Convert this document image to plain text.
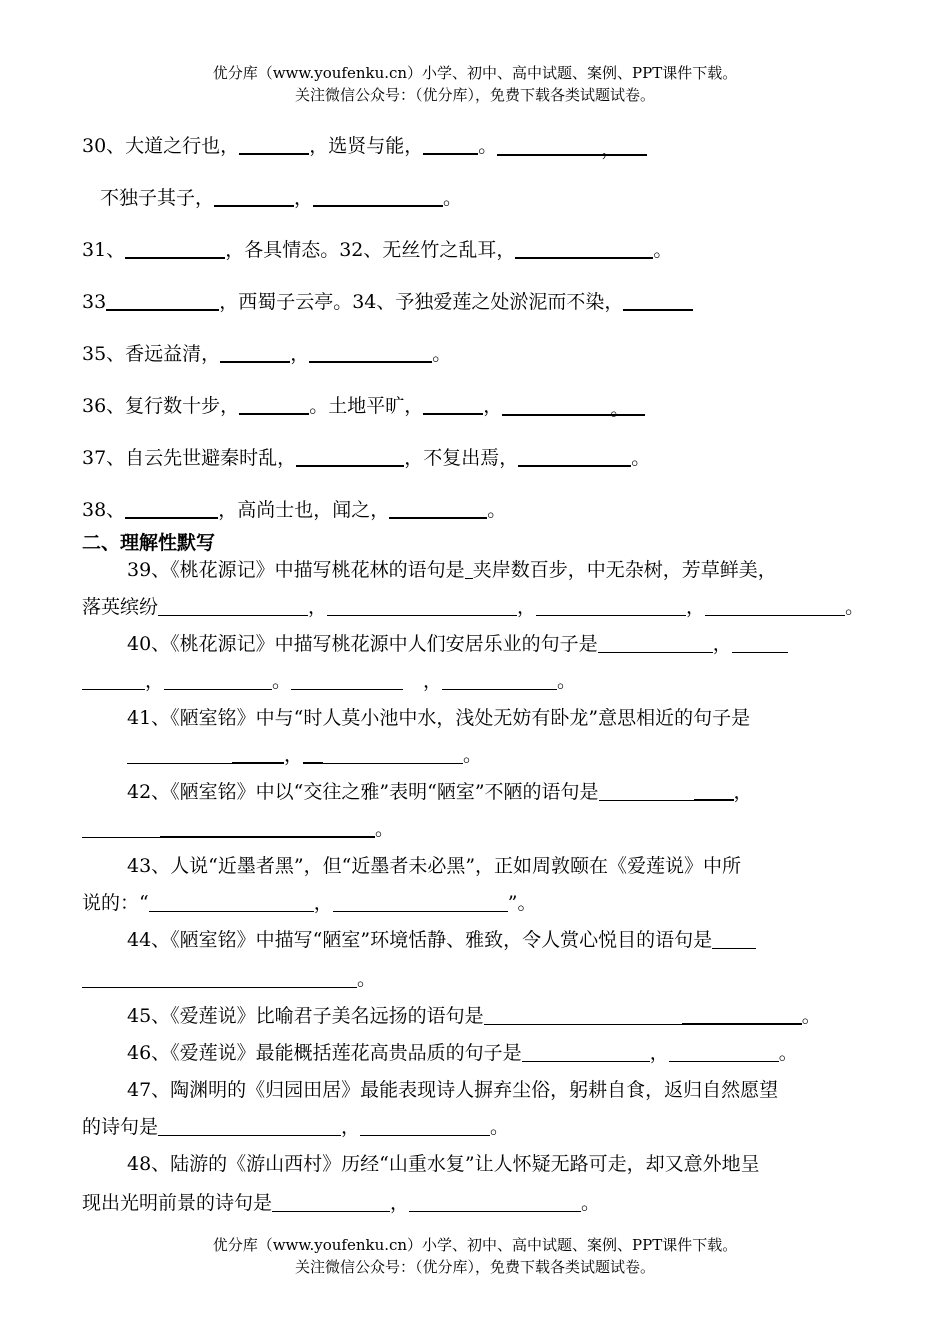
优分库（www.youfenku.cn）小学、初中、高中试题、案例、PPT课件下载。
关注微信公众号：（优分库），免费下载各类试题试卷。
30、大道之行也，	，选贤与能，	。	，
不独子其子，	，	。
31、	，各具情态。32、无丝竹之乱耳，	。
33	，西蜀子云亭。34、予独爱莲之处淤泥而不染，
35、香远益清，	，	。
36、复行数十步，	。土地平旷，	，	。
37、自云先世避秦时乱，	，不复出焉，	。
38、	，高尚士也，闻之，	。
二、理解性默写
39、《桃花源记》中描写桃花林的语句是 夹岸数百步，中无杂树，芳草鲜美，
落英缤纷	，	，	，	。
40、《桃花源记》中描写桃花源中人们安居乐业的句子是	，
，	。	，	。
41、《陋室铭》中与“时人莫小池中水，浅处无妨有卧龙”意思相近的句子是
，	。
42、《陋室铭》中以“交往之雅”表明“陋室”不陋的语句是	，
。
43、人说“近墨者黑”，但“近墨者未必黑”，正如周敦颐在《爱莲说》中所
说的：“	，	”。
44、《陋室铭》中描写“陋室”环境恬静、雅致，令人赏心悦目的语句是
。
45、《爱莲说》比喻君子美名远扬的语句是	。
46、《爱莲说》最能概括莲花高贵品质的句子是	，	。
47、陶渊明的《归园田居》最能表现诗人摒弃尘俗，躬耕自食，返归自然愿望
的诗句是	，	。
48、陆游的《游山西村》历经“山重水复”让人怀疑无路可走，却又意外地呈
现出光明前景的诗句是	，	。
优分库（www.youfenku.cn）小学、初中、高中试题、案例、PPT课件下载。
关注微信公众号：（优分库），免费下载各类试题试卷。
